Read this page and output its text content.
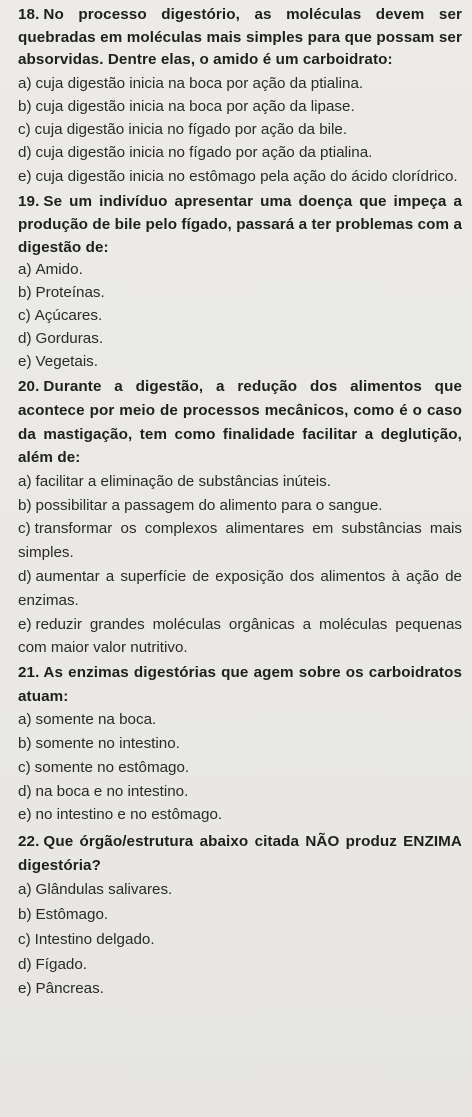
18. No processo digestório, as moléculas devem ser quebradas em moléculas mais simples para que possam ser absorvidas. Dentre elas, o amido é um carboidrato:

a) cuja digestão inicia na boca por ação da ptialina.
b) cuja digestão inicia na boca por ação da lipase.
c) cuja digestão inicia no fígado por ação da bile.
d) cuja digestão inicia no fígado por ação da ptialina.
e) cuja digestão inicia no estômago pela ação do ácido clorídrico.

19. Se um indivíduo apresentar uma doença que impeça a produção de bile pelo fígado, passará a ter problemas com a digestão de:

a) Amido.
b) Proteínas.
c) Açúcares.
d) Gorduras.
e) Vegetais.

20. Durante a digestão, a redução dos alimentos que acontece por meio de processos mecânicos, como é o caso da mastigação, tem como finalidade facilitar a deglutição, além de:

a) facilitar a eliminação de substâncias inúteis.
b) possibilitar a passagem do alimento para o sangue.
c) transformar os complexos alimentares em substâncias mais simples.
d) aumentar a superfície de exposição dos alimentos à ação de enzimas.
e) reduzir grandes moléculas orgânicas a moléculas pequenas com maior valor nutritivo.

21. As enzimas digestórias que agem sobre os carboidratos atuam:

a) somente na boca.
b) somente no intestino.
c) somente no estômago.
d) na boca e no intestino.
e) no intestino e no estômago.

22. Que órgão/estrutura abaixo citada NÃO produz ENZIMA digestória?

a) Glândulas salivares.
b) Estômago.
c) Intestino delgado.
d) Fígado.
e) Pâncreas.
